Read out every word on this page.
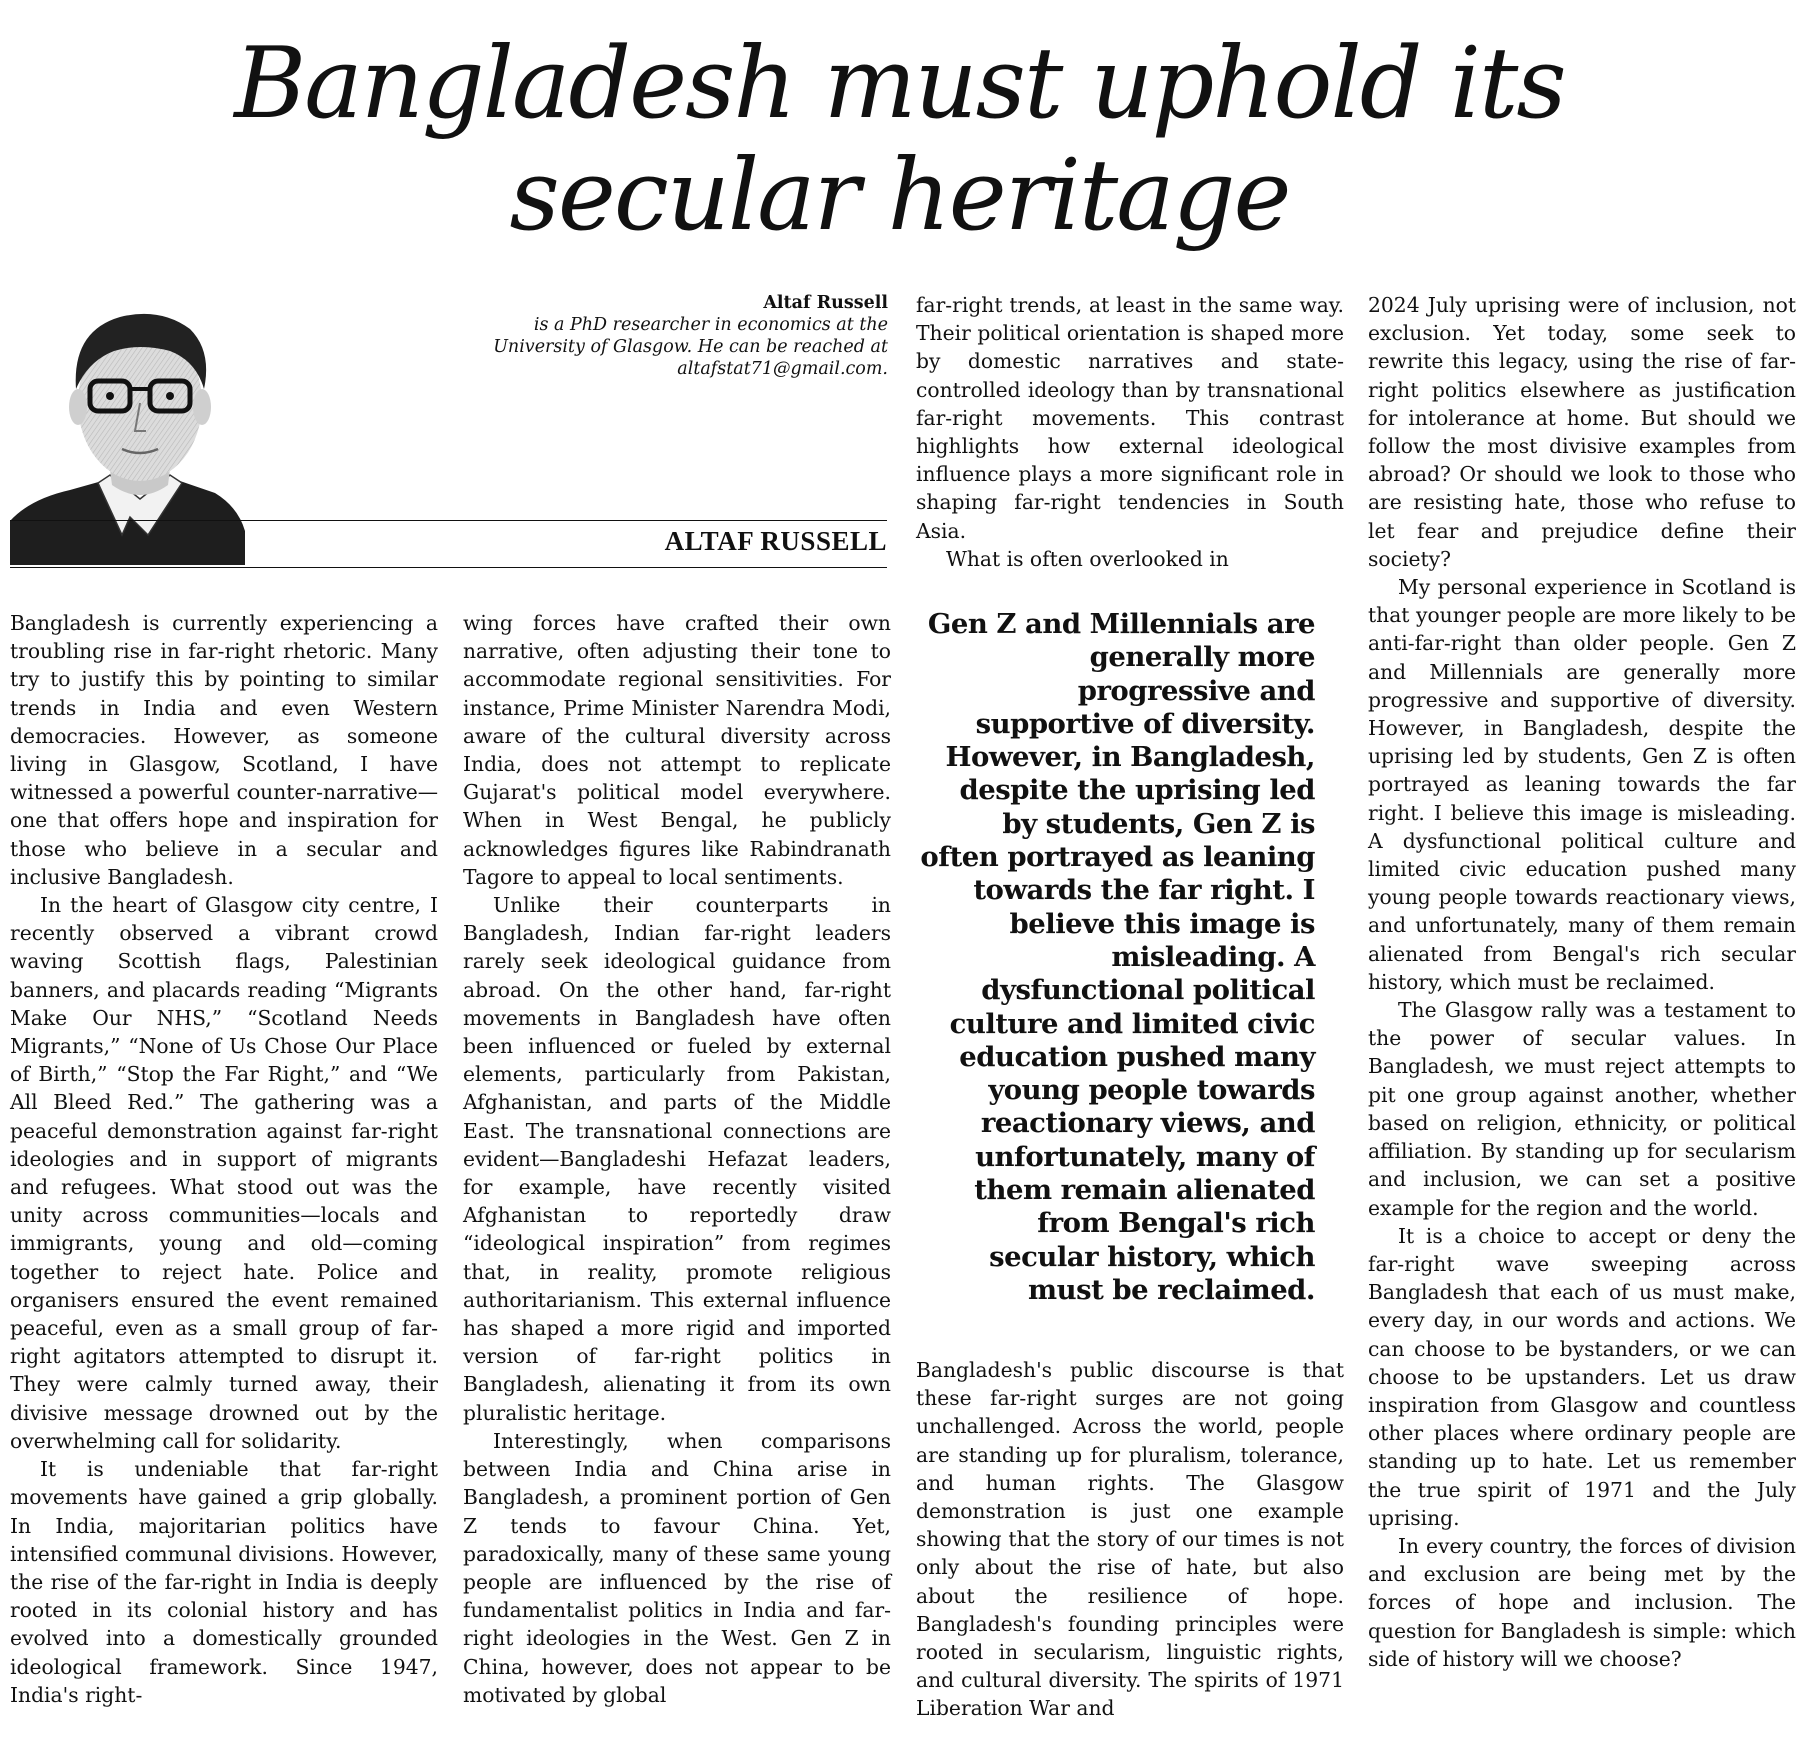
Bangladesh must uphold its
secular heritage
Altaf Russell
is a PhD researcher in economics at the University of Glasgow. He can be reached at altafstat71@gmail.com.
ALTAF RUSSELL

Bangladesh is currently experiencing a troubling rise in far-right rhetoric. Many try to justify this by pointing to similar trends in India and even Western democracies. However, as someone living in Glasgow, Scotland, I have witnessed a powerful counter-narrative—one that offers hope and inspiration for those who believe in a secular and inclusive Bangladesh.

In the heart of Glasgow city centre, I recently observed a vibrant crowd waving Scottish flags, Palestinian banners, and placards reading “Migrants Make Our NHS,” “Scotland Needs Migrants,” “None of Us Chose Our Place of Birth,” “Stop the Far Right,” and “We All Bleed Red.” The gathering was a peaceful demonstration against far-right ideologies and in support of migrants and refugees. What stood out was the unity across communities—locals and immigrants, young and old—coming together to reject hate. Police and organisers ensured the event remained peaceful, even as a small group of far-right agitators attempted to disrupt it. They were calmly turned away, their divisive message drowned out by the overwhelming call for solidarity.

It is undeniable that far-right movements have gained a grip globally. In India, majoritarian politics have intensified communal divisions. However, the rise of the far-right in India is deeply rooted in its colonial history and has evolved into a domestically grounded ideological framework. Since 1947, India's right-

wing forces have crafted their own narrative, often adjusting their tone to accommodate regional sensitivities. For instance, Prime Minister Narendra Modi, aware of the cultural diversity across India, does not attempt to replicate Gujarat's political model everywhere. When in West Bengal, he publicly acknowledges figures like Rabindranath Tagore to appeal to local sentiments.

Unlike their counterparts in Bangladesh, Indian far-right leaders rarely seek ideological guidance from abroad. On the other hand, far-right movements in Bangladesh have often been influenced or fueled by external elements, particularly from Pakistan, Afghanistan, and parts of the Middle East. The transnational connections are evident—Bangladeshi Hefazat leaders, for example, have recently visited Afghanistan to reportedly draw “ideological inspiration” from regimes that, in reality, promote religious authoritarianism. This external influence has shaped a more rigid and imported version of far-right politics in Bangladesh, alienating it from its own pluralistic heritage.

Interestingly, when comparisons between India and China arise in Bangladesh, a prominent portion of Gen Z tends to favour China. Yet, paradoxically, many of these same young people are influenced by the rise of fundamentalist politics in India and far-right ideologies in the West. Gen Z in China, however, does not appear to be motivated by global

far-right trends, at least in the same way. Their political orientation is shaped more by domestic narratives and state-controlled ideology than by transnational far-right movements. This contrast highlights how external ideological influence plays a more significant role in shaping far-right tendencies in South Asia.

What is often overlooked in

Gen Z and Millennials are generally more progressive and supportive of diversity. However, in Bangladesh, despite the uprising led by students, Gen Z is often portrayed as leaning towards the far right. I believe this image is misleading. A dysfunctional political culture and limited civic education pushed many young people towards reactionary views, and unfortunately, many of them remain alienated from Bengal's rich secular history, which must be reclaimed.

Bangladesh's public discourse is that these far-right surges are not going unchallenged. Across the world, people are standing up for pluralism, tolerance, and human rights. The Glasgow demonstration is just one example showing that the story of our times is not only about the rise of hate, but also about the resilience of hope. Bangladesh's founding principles were rooted in secularism, linguistic rights, and cultural diversity. The spirits of 1971 Liberation War and

2024 July uprising were of inclusion, not exclusion. Yet today, some seek to rewrite this legacy, using the rise of far-right politics elsewhere as justification for intolerance at home. But should we follow the most divisive examples from abroad? Or should we look to those who are resisting hate, those who refuse to let fear and prejudice define their society?

My personal experience in Scotland is that younger people are more likely to be anti-far-right than older people. Gen Z and Millennials are generally more progressive and supportive of diversity. However, in Bangladesh, despite the uprising led by students, Gen Z is often portrayed as leaning towards the far right. I believe this image is misleading. A dysfunctional political culture and limited civic education pushed many young people towards reactionary views, and unfortunately, many of them remain alienated from Bengal's rich secular history, which must be reclaimed.

The Glasgow rally was a testament to the power of secular values. In Bangladesh, we must reject attempts to pit one group against another, whether based on religion, ethnicity, or political affiliation. By standing up for secularism and inclusion, we can set a positive example for the region and the world.

It is a choice to accept or deny the far-right wave sweeping across Bangladesh that each of us must make, every day, in our words and actions. We can choose to be bystanders, or we can choose to be upstanders. Let us draw inspiration from Glasgow and countless other places where ordinary people are standing up to hate. Let us remember the true spirit of 1971 and the July uprising.

In every country, the forces of division and exclusion are being met by the forces of hope and inclusion. The question for Bangladesh is simple: which side of history will we choose?
